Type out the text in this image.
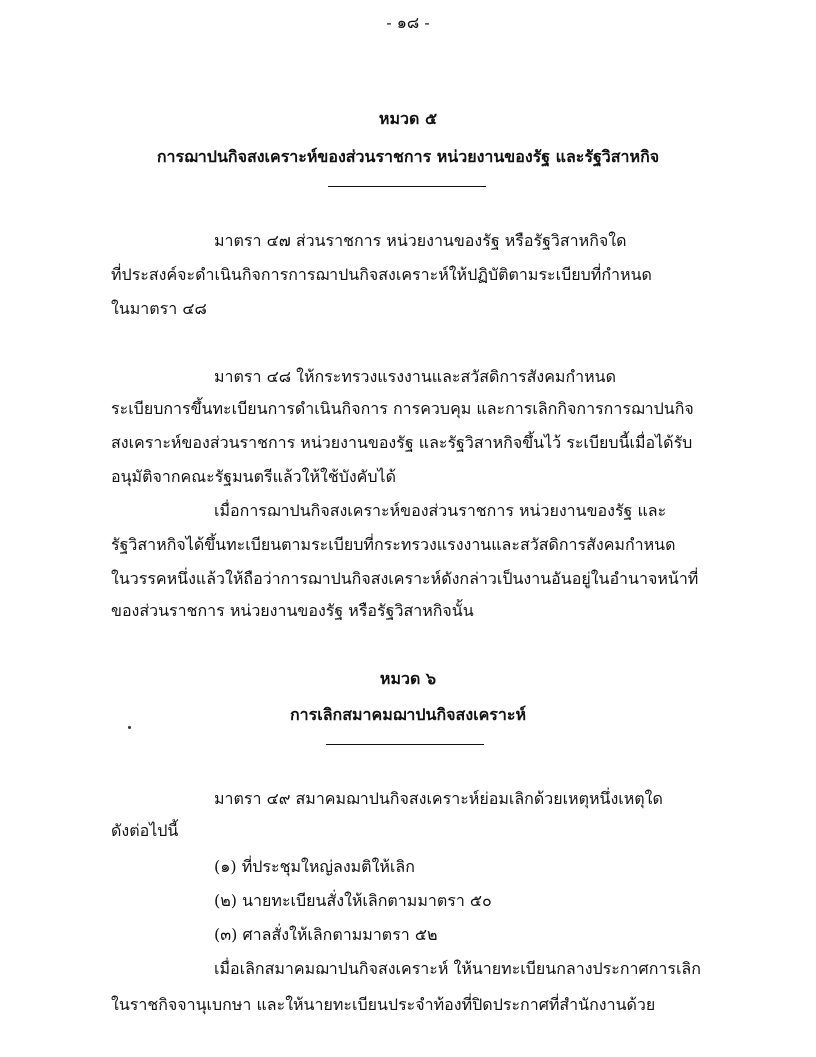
- ๑๘ -
หมวด ๕
การฌาปนกิจสงเคราะห์ของส่วนราชการ หน่วยงานของรัฐ และรัฐวิสาหกิจ
มาตรา ๔๗ ส่วนราชการ หน่วยงานของรัฐ หรือรัฐวิสาหกิจใด
ที่ประสงค์จะดำเนินกิจการการฌาปนกิจสงเคราะห์ให้ปฏิบัติตามระเบียบที่กำหนด
ในมาตรา ๔๘
มาตรา ๔๘ ให้กระทรวงแรงงานและสวัสดิการสังคมกำหนด
ระเบียบการขึ้นทะเบียนการดำเนินกิจการ การควบคุม และการเลิกกิจการการฌาปนกิจ
สงเคราะห์ของส่วนราชการ หน่วยงานของรัฐ และรัฐวิสาหกิจขึ้นไว้ ระเบียบนี้เมื่อได้รับ
อนุมัติจากคณะรัฐมนตรีแล้วให้ใช้บังคับได้
เมื่อการฌาปนกิจสงเคราะห์ของส่วนราชการ หน่วยงานของรัฐ และ
รัฐวิสาหกิจได้ขึ้นทะเบียนตามระเบียบที่กระทรวงแรงงานและสวัสดิการสังคมกำหนด
ในวรรคหนึ่งแล้วให้ถือว่าการฌาปนกิจสงเคราะห์ดังกล่าวเป็นงานอันอยู่ในอำนาจหน้าที่
ของส่วนราชการ หน่วยงานของรัฐ หรือรัฐวิสาหกิจนั้น
หมวด ๖
การเลิกสมาคมฌาปนกิจสงเคราะห์
มาตรา ๔๙ สมาคมฌาปนกิจสงเคราะห์ย่อมเลิกด้วยเหตุหนึ่งเหตุใด
ดังต่อไปนี้
(๑) ที่ประชุมใหญ่ลงมติให้เลิก
(๒) นายทะเบียนสั่งให้เลิกตามมาตรา ๕๐
(๓) ศาลสั่งให้เลิกตามมาตรา ๕๒
เมื่อเลิกสมาคมฌาปนกิจสงเคราะห์ ให้นายทะเบียนกลางประกาศการเลิก
ในราชกิจจานุเบกษา และให้นายทะเบียนประจำท้องที่ปิดประกาศที่สำนักงานด้วย
